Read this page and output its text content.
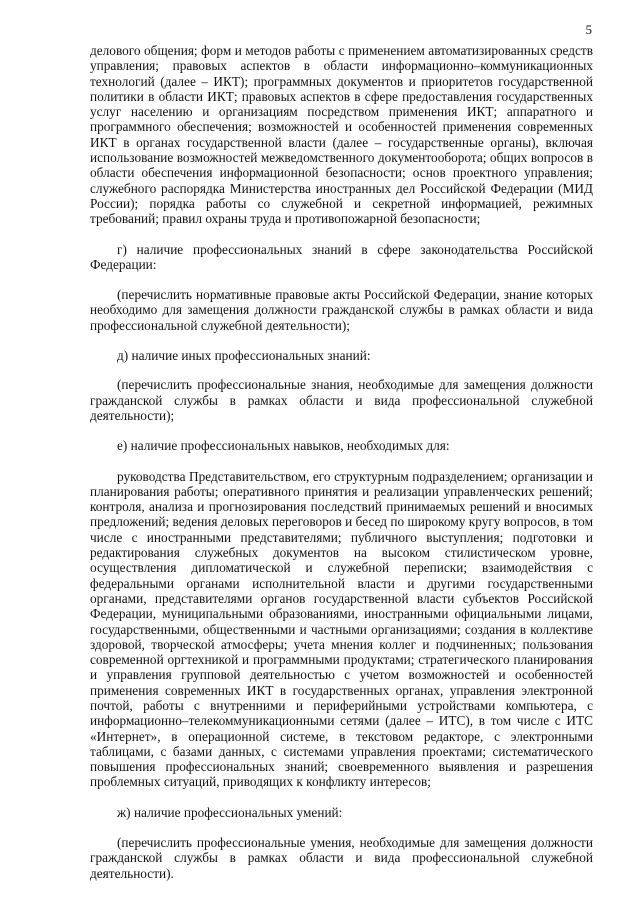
5

делового общения; форм и методов работы с применением автоматизированных средств управления; правовых аспектов в области информационно–коммуникационных технологий (далее – ИКТ); программных документов и приоритетов государственной политики в области ИКТ; правовых аспектов в сфере предоставления государственных услуг населению и организациям посредством применения ИКТ; аппаратного и программного обеспечения; возможностей и особенностей применения современных ИКТ в органах государственной власти (далее – государственные органы), включая использование возможностей межведомственного документооборота; общих вопросов в области обеспечения информационной безопасности; основ проектного управления; служебного распорядка Министерства иностранных дел Российской Федерации (МИД России); порядка работы со служебной и секретной информацией, режимных требований; правил охраны труда и противопожарной безопасности;

г) наличие профессиональных знаний в сфере законодательства Российской Федерации:

(перечислить нормативные правовые акты Российской Федерации, знание которых необходимо для замещения должности гражданской службы в рамках области и вида профессиональной служебной деятельности);

д) наличие иных профессиональных знаний:

(перечислить профессиональные знания, необходимые для замещения должности гражданской службы в рамках области и вида профессиональной служебной деятельности);

е) наличие профессиональных навыков, необходимых для:

руководства Представительством, его структурным подразделением; организации и планирования работы; оперативного принятия и реализации управленческих решений; контроля, анализа и прогнозирования последствий принимаемых решений и вносимых предложений; ведения деловых переговоров и бесед по широкому кругу вопросов, в том числе с иностранными представителями; публичного выступления; подготовки и редактирования служебных документов на высоком стилистическом уровне, осуществления дипломатической и служебной переписки; взаимодействия с федеральными органами исполнительной власти и другими государственными органами, представителями органов государственной власти субъектов Российской Федерации, муниципальными образованиями, иностранными официальными лицами, государственными, общественными и частными организациями; создания в коллективе здоровой, творческой атмосферы; учета мнения коллег и подчиненных; пользования современной оргтехникой и программными продуктами; стратегического планирования и управления групповой деятельностью с учетом возможностей и особенностей применения современных ИКТ в государственных органах, управления электронной почтой, работы с внутренними и периферийными устройствами компьютера, с информационно–телекоммуникационными сетями (далее – ИТС), в том числе с ИТС «Интернет», в операционной системе, в текстовом редакторе, с электронными таблицами, с базами данных, с системами управления проектами; систематического повышения профессиональных знаний; своевременного выявления и разрешения проблемных ситуаций, приводящих к конфликту интересов;

ж) наличие профессиональных умений:

(перечислить профессиональные умения, необходимые для замещения должности гражданской службы в рамках области и вида профессиональной служебной деятельности).
